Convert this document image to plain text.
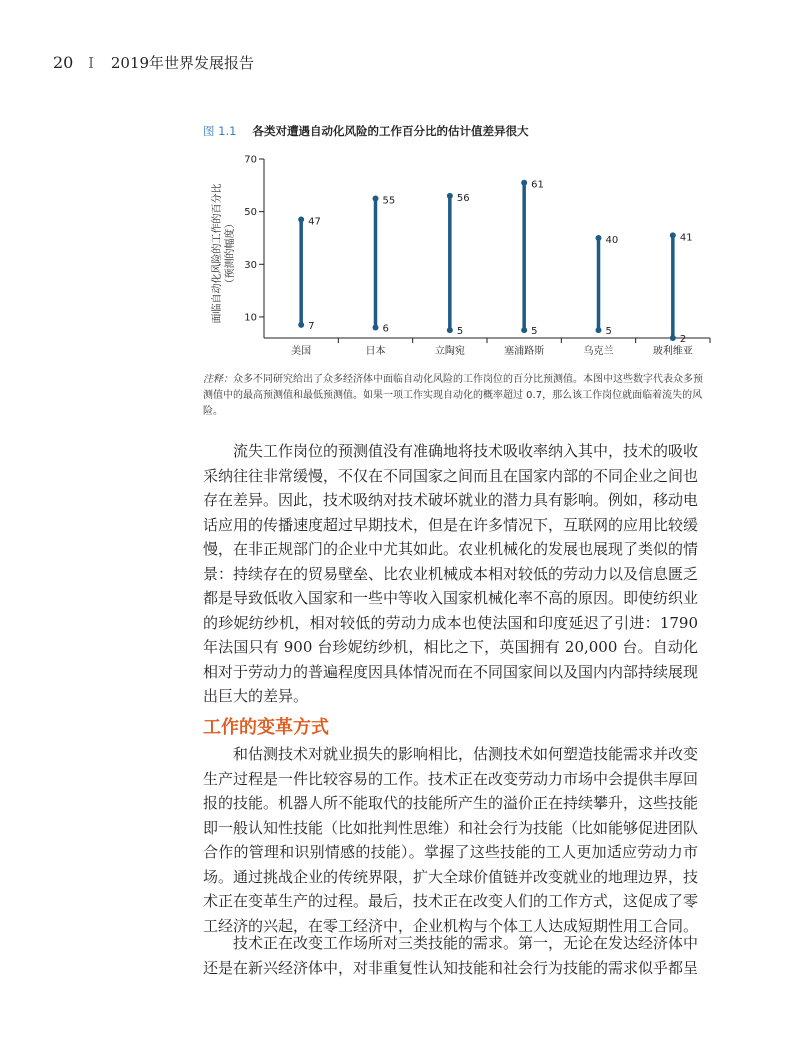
20 I 2019年世界发展报告
图 1.1 各类对遭遇自动化风险的工作百分比的估计值差异很大
10
30
50
70
面临自动化风险的工作的百分比 （预测的幅度）
美国
47
7
日本
55
6
立陶宛
56
5
塞浦路斯
61
5
乌克兰
40
5
玻利维亚
41
2
注释：众多不同研究给出了众多经济体中面临自动化风险的工作岗位的百分比预测值。本图中这些数字代表众多预测值中的最高预测值和最低预测值。如果一项工作实现自动化的概率超过 0.7，那么该工作岗位就面临着流失的风险。

流失工作岗位的预测值没有准确地将技术吸收率纳入其中，技术的吸收采纳往往非常缓慢，不仅在不同国家之间而且在国家内部的不同企业之间也存在差异。因此，技术吸纳对技术破坏就业的潜力具有影响。例如，移动电话应用的传播速度超过早期技术，但是在许多情况下，互联网的应用比较缓慢，在非正规部门的企业中尤其如此。农业机械化的发展也展现了类似的情景：持续存在的贸易壁垒、比农业机械成本相对较低的劳动力以及信息匮乏都是导致低收入国家和一些中等收入国家机械化率不高的原因。即使纺织业的珍妮纺纱机，相对较低的劳动力成本也使法国和印度延迟了引进：1790 年法国只有 900 台珍妮纺纱机，相比之下，英国拥有 20,000 台。自动化相对于劳动力的普遍程度因具体情况而在不同国家间以及国内内部持续展现出巨大的差异。

工作的变革方式

和估测技术对就业损失的影响相比，估测技术如何塑造技能需求并改变生产过程是一件比较容易的工作。技术正在改变劳动力市场中会提供丰厚回报的技能。机器人所不能取代的技能所产生的溢价正在持续攀升，这些技能即一般认知性技能（比如批判性思维）和社会行为技能（比如能够促进团队合作的管理和识别情感的技能）。掌握了这些技能的工人更加适应劳动力市场。通过挑战企业的传统界限，扩大全球价值链并改变就业的地理边界，技术正在变革生产的过程。最后，技术正在改变人们的工作方式，这促成了零工经济的兴起，在零工经济中，企业机构与个体工人达成短期性用工合同。

技术正在改变工作场所对三类技能的需求。第一，无论在发达经济体中还是在新兴经济体中，对非重复性认知技能和社会行为技能的需求似乎都呈
